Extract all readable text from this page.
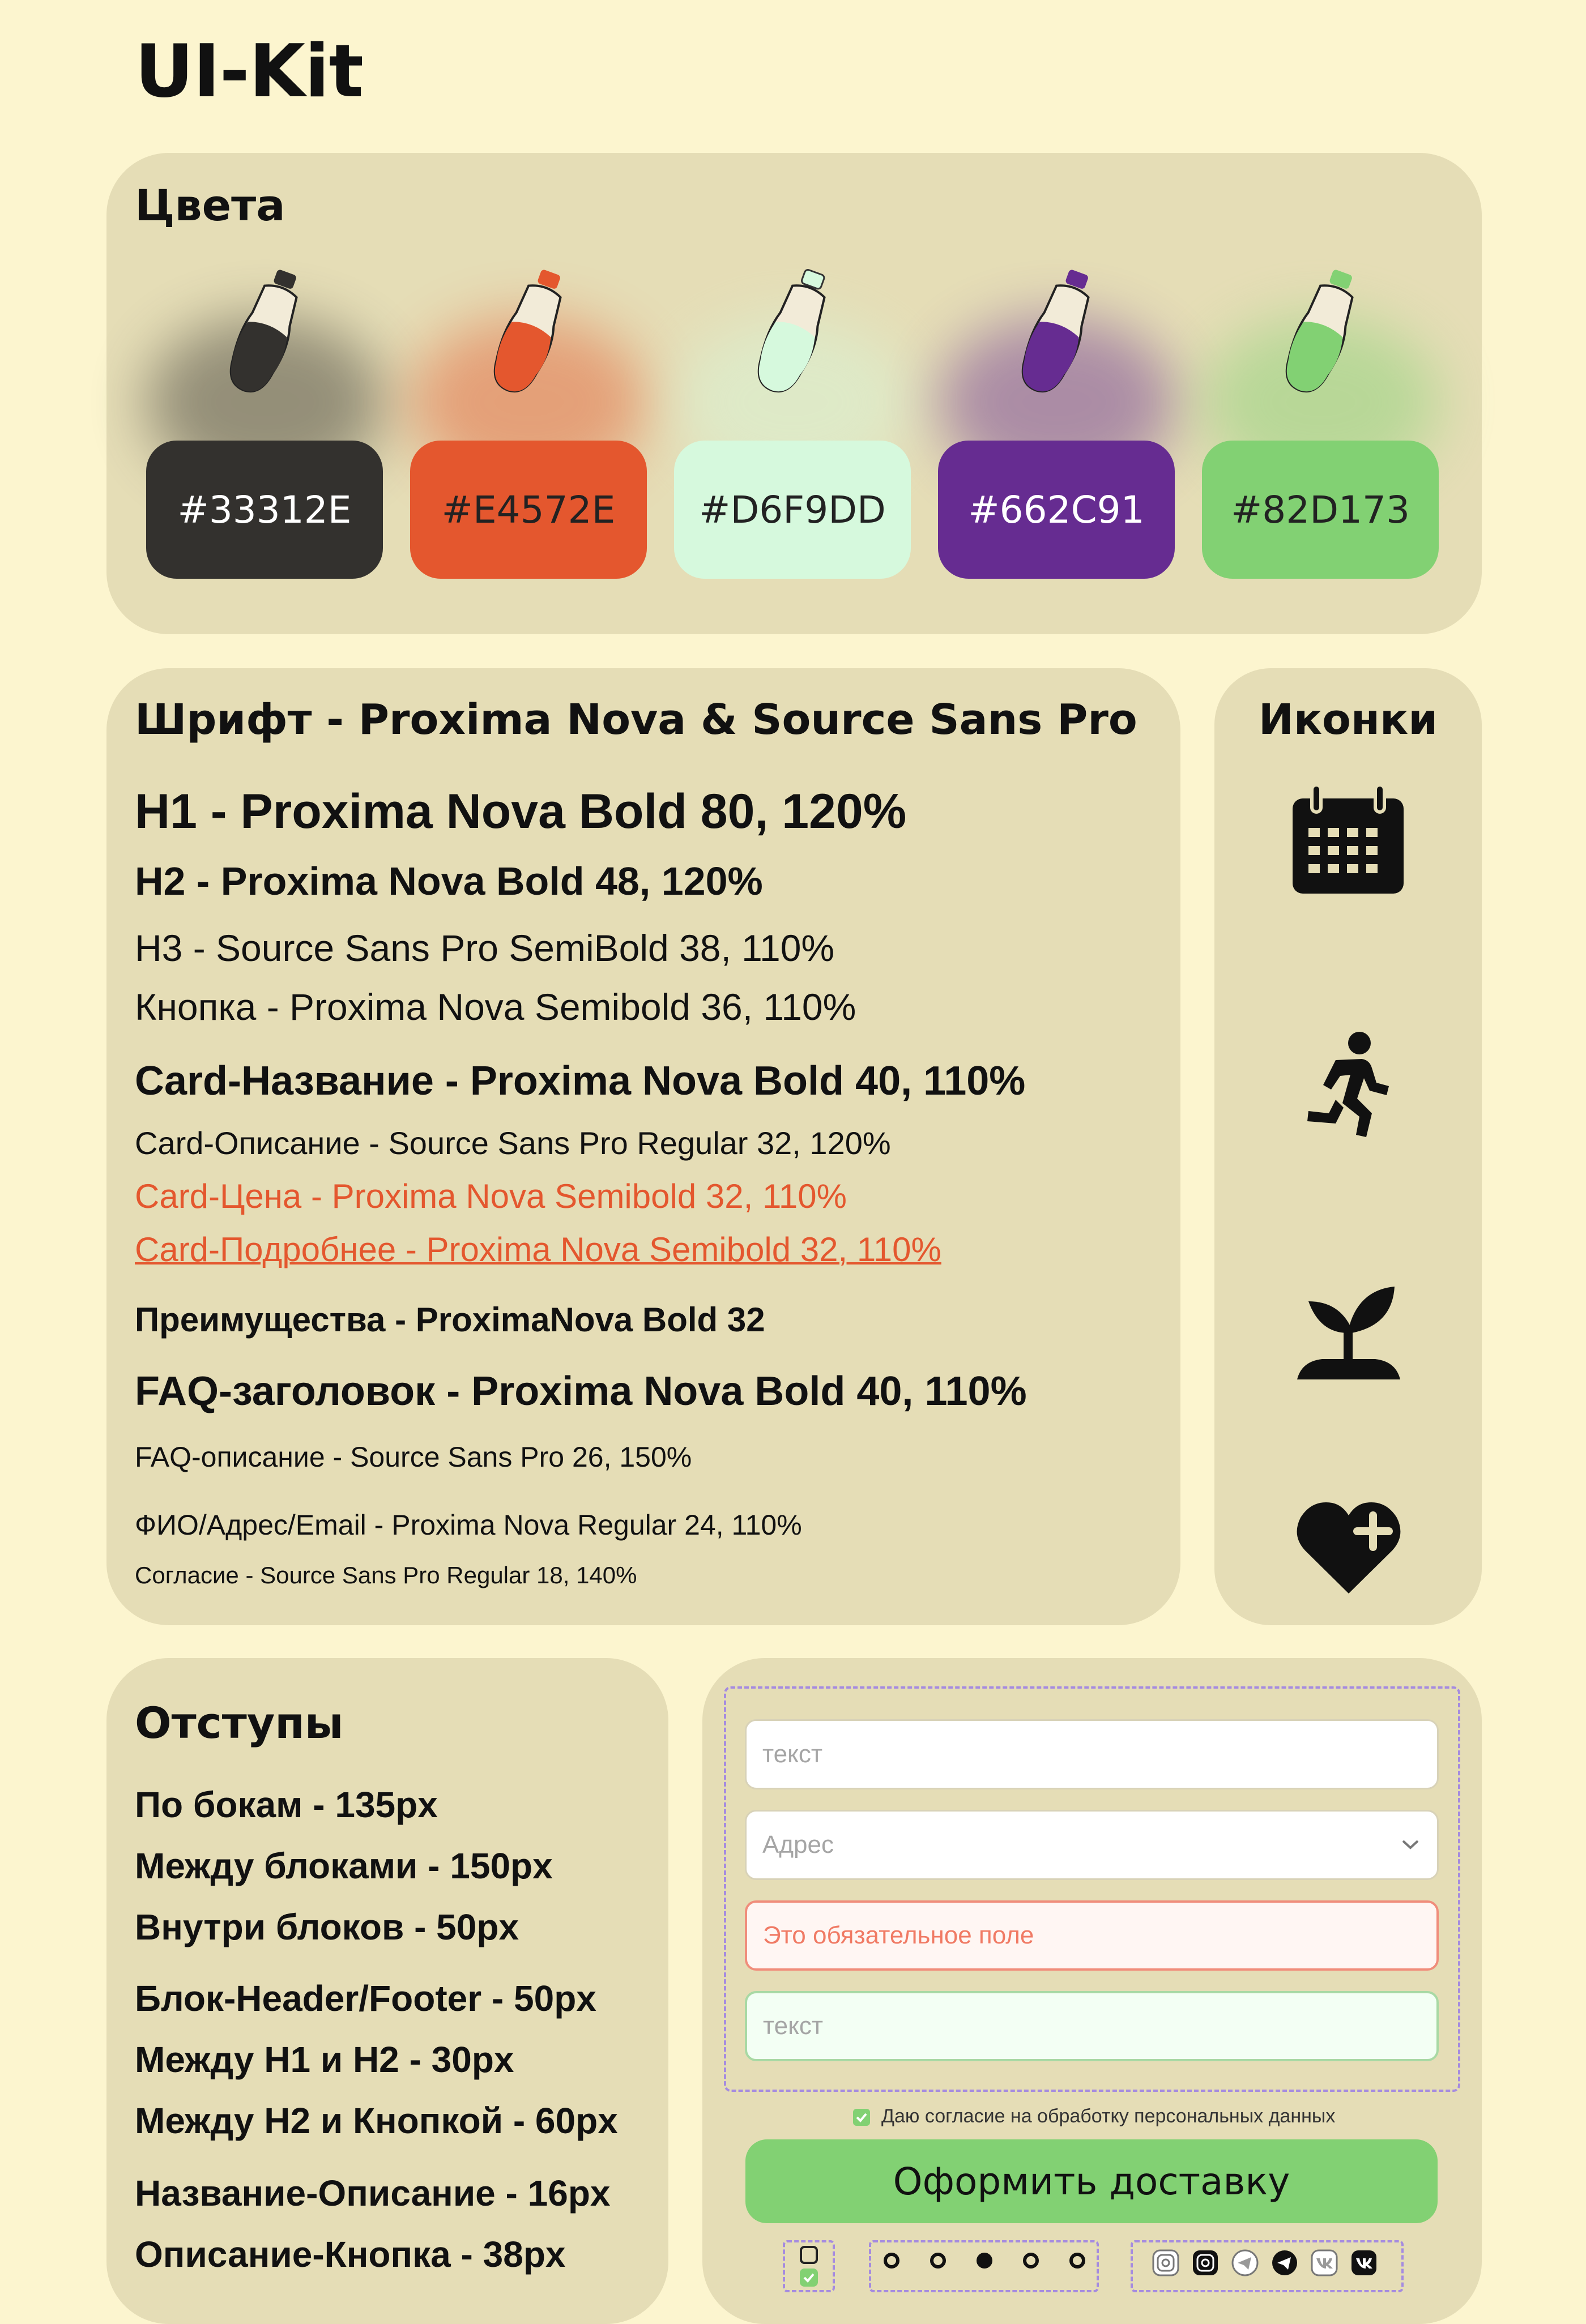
UI-Kit
Цвета
#33312E	#E4572E	#D6F9DD	#662C91	#82D173
Шрифт - Proxima Nova & Source Sans Pro
H1 - Proxima Nova Bold 80, 120%
H2 - Proxima Nova Bold 48, 120%
H3 - Source Sans Pro SemiBold 38, 110%
Кнопка - Proxima Nova Semibold 36, 110%
Card-Название - Proxima Nova Bold 40, 110%
Card-Описание - Source Sans Pro Regular 32, 120%
Card-Цена - Proxima Nova Semibold 32, 110%
Card-Подробнее - Proxima Nova Semibold 32, 110%
Преимущества - ProximaNova Bold 32
FAQ-заголовок - Proxima Nova Bold 40, 110%
FAQ-описание - Source Sans Pro 26, 150%
ФИО/Адрес/Email - Proxima Nova Regular 24, 110%
Согласие - Source Sans Pro Regular 18, 140%
Иконки
Отступы
По бокам - 135px
Между блоками - 150px
Внутри блоков - 50px
Блок-Header/Footer - 50px
Между H1 и H2 - 30px
Между H2 и Кнопкой - 60px
Название-Описание - 16px
Описание-Кнопка - 38px
текст
Адрес
Это обязательное поле
текст
Даю согласие на обработку персональных данных
Оформить доставку
